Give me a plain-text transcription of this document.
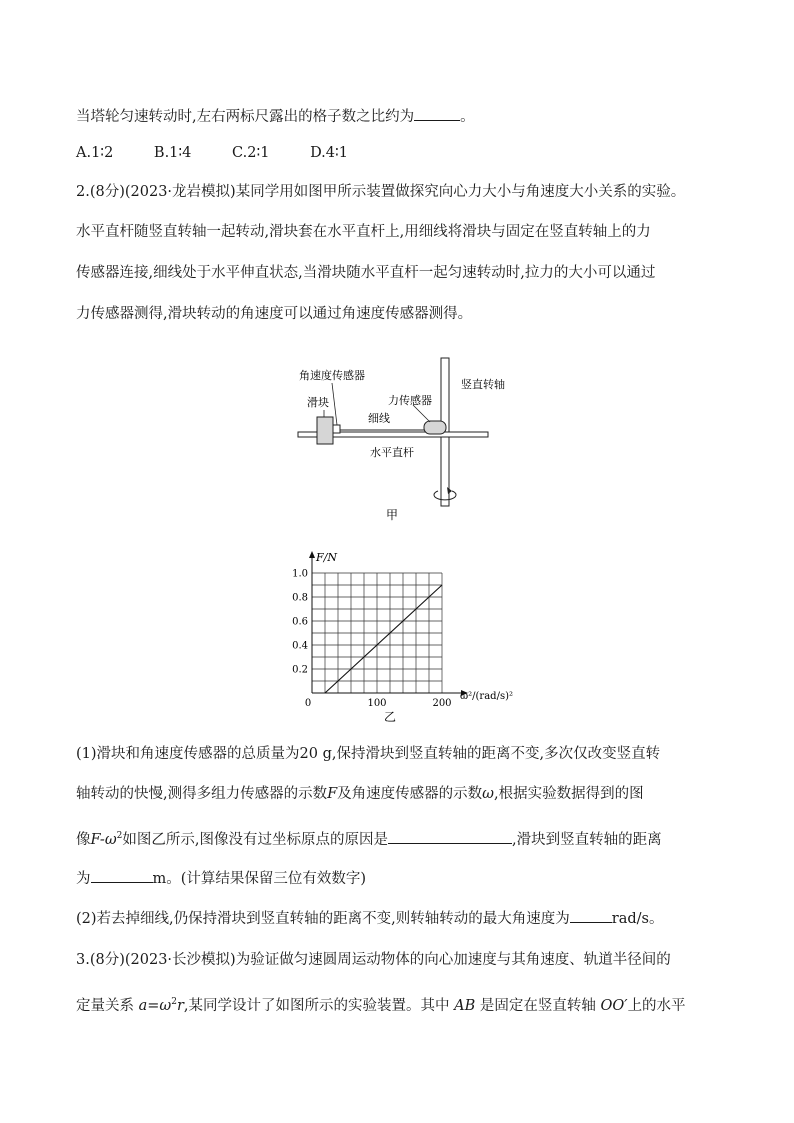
当塔轮匀速转动时,左右两标尺露出的格子数之比约为	。
A.1∶2	B.1∶4	C.2∶1	D.4∶1
2.(8分)(2023·龙岩模拟)某同学用如图甲所示装置做探究向心力大小与角速度大小关系的实验。
水平直杆随竖直转轴一起转动,滑块套在水平直杆上,用细线将滑块与固定在竖直转轴上的力
传感器连接,细线处于水平伸直状态,当滑块随水平直杆一起匀速转动时,拉力的大小可以通过
力传感器测得,滑块转动的角速度可以通过角速度传感器测得。
角速度传感器
滑块	力传感器
细线
竖直转轴
水平直杆
甲
0	100	200
0.2
0.4
0.6
0.8
1.0
F/N
ω²/(rad/s)²
乙
(1)滑块和角速度传感器的总质量为20 g,保持滑块到竖直转轴的距离不变,多次仅改变竖直转
轴转动的快慢,测得多组力传感器的示数F及角速度传感器的示数ω,根据实验数据得到的图
像$F-\omega^2$如图乙所示,图像没有过坐标原点的原因是	,滑块到竖直转轴的距离
为	m。(计算结果保留三位有效数字)
(2)若去掉细线,仍保持滑块到竖直转轴的距离不变,则转轴转动的最大角速度为	rad/s。
3.(8分)(2023·长沙模拟)为验证做匀速圆周运动物体的向心加速度与其角速度、轨道半径间的
定量关系 $a=\omega^2r$,某同学设计了如图所示的实验装置。其中 AB 是固定在竖直转轴 OO′上的水平
